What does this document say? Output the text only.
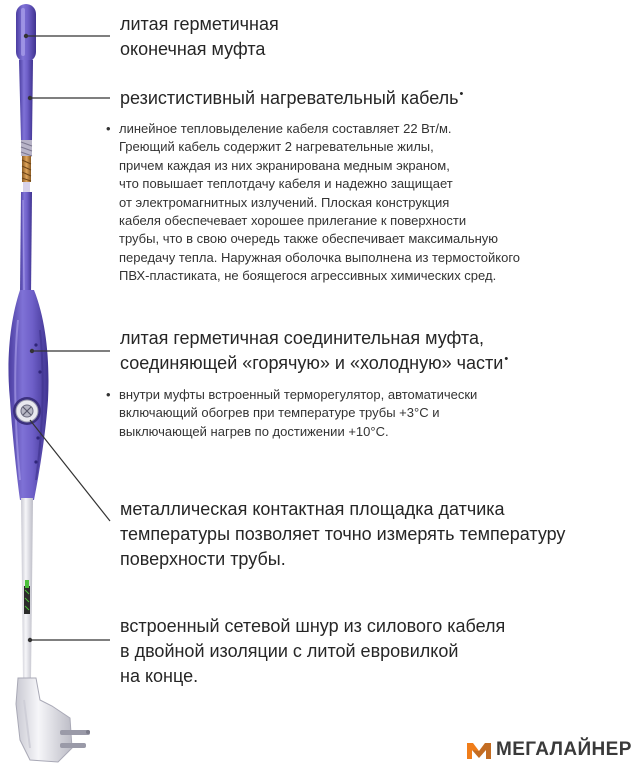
литая герметичная
оконечная муфта
резистистивный нагревательный кабель•
• линейное тепловыделение кабеля составляет 22 Вт/м.
Греющий кабель содержит 2 нагревательные жилы,
причем каждая из них экранирована медным экраном,
что повышает теплотдачу кабеля и надежно защищает
от электромагнитных излучений. Плоская конструкция
кабеля обеспечевает хорошее прилегание к поверхности
трубы, что в свою очередь также обеспечивает максимальную
передачу тепла. Наружная оболочка выполнена из термостойкого
ПВХ-пластиката, не боящегося агрессивных химических сред.
литая герметичная соединительная муфта,
соединяющей «горячую» и «холодную» части•
• внутри муфты встроенный терморегулятор, автоматически
включающий обогрев при температуре трубы +3°С и
выключающей нагрев по достижении +10°С.
металлическая контактная площадка датчика
температуры позволяет точно измерять температуру
поверхности трубы.
встроенный сетевой шнур из силового кабеля
в двойной изоляции с литой евровилкой
на конце.
МЕГАЛАЙНЕР
